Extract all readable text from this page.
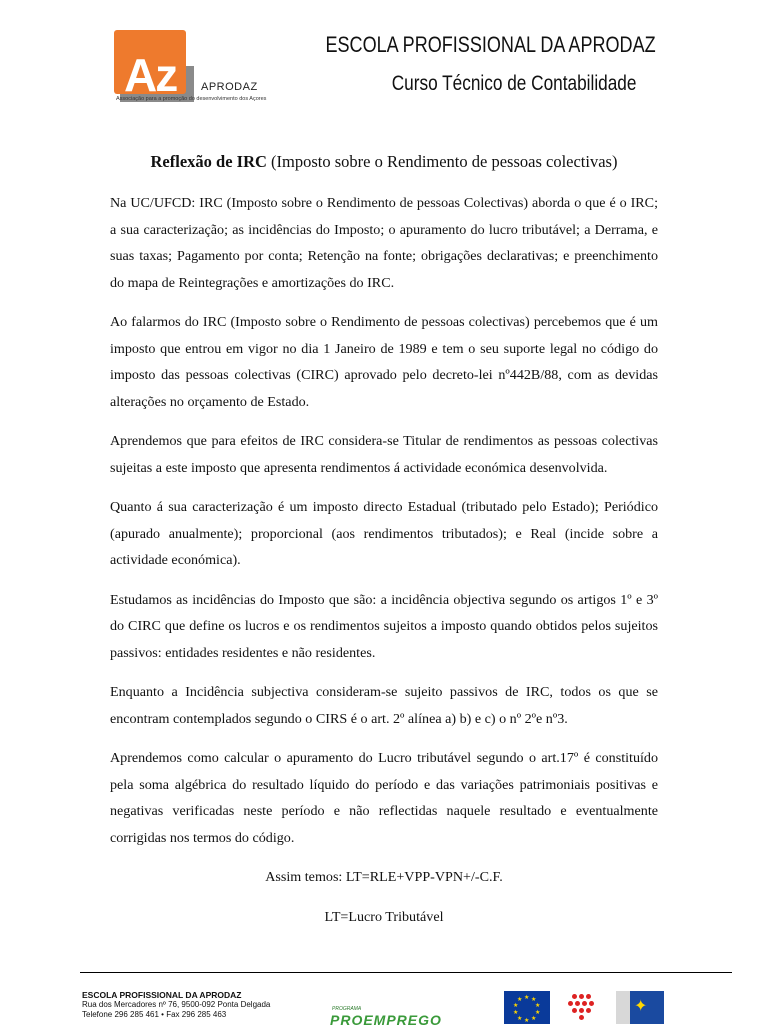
Az APRODAZ
Associação para a promoção do desenvolvimento dos Açores
ESCOLA PROFISSIONAL DA APRODAZ
Curso Técnico de Contabilidade
Reflexão de IRC (Imposto sobre o Rendimento de pessoas colectivas)

Na UC/UFCD: IRC (Imposto sobre o Rendimento de pessoas Colectivas) aborda o que é o IRC; a sua caracterização; as incidências do Imposto; o apuramento do lucro tributável; a Derrama, e suas taxas; Pagamento por conta; Retenção na fonte; obrigações declarativas; e preenchimento do mapa de Reintegrações e amortizações do IRC.

Ao falarmos do IRC (Imposto sobre o Rendimento de pessoas colectivas) percebemos que é um imposto que entrou em vigor no dia 1 Janeiro de 1989 e tem o seu suporte legal no código do imposto das pessoas colectivas (CIRC) aprovado pelo decreto-lei nº442B/88, com as devidas alterações no orçamento de Estado.

Aprendemos que para efeitos de IRC considera-se Titular de rendimentos as pessoas colectivas sujeitas a este imposto que apresenta rendimentos á actividade económica desenvolvida.

Quanto á sua caracterização é um imposto directo Estadual (tributado pelo Estado); Periódico (apurado anualmente); proporcional (aos rendimentos tributados); e Real (incide sobre a actividade económica).

Estudamos as incidências do Imposto que são: a incidência objectiva segundo os artigos 1º e 3º do CIRC que define os lucros e os rendimentos sujeitos a imposto quando obtidos pelos sujeitos passivos: entidades residentes e não residentes.

Enquanto a Incidência subjectiva consideram-se sujeito passivos de IRC, todos os que se encontram contemplados segundo o CIRS é o art. 2º alínea a) b) e c) o nº 2ºe nº3.

Aprendemos como calcular o apuramento do Lucro tributável segundo o art.17º é constituído pela soma algébrica do resultado líquido do período e das variações patrimoniais positivas e negativas verificadas neste período e não reflectidas naquele resultado e eventualmente corrigidas nos termos do código.

Assim temos: LT=RLE+VPP-VPN+/-C.F.
LT=Lucro Tributável
ESCOLA PROFISSIONAL DA APRODAZ
Rua dos Mercadores nº 76, 9500-092 Ponta Delgada
Telefone 296 285 461 • Fax 296 285 463
PROGRAMA
PROEMPREGO
★ ★
★
★
★
★
★
★
★
★	✦
